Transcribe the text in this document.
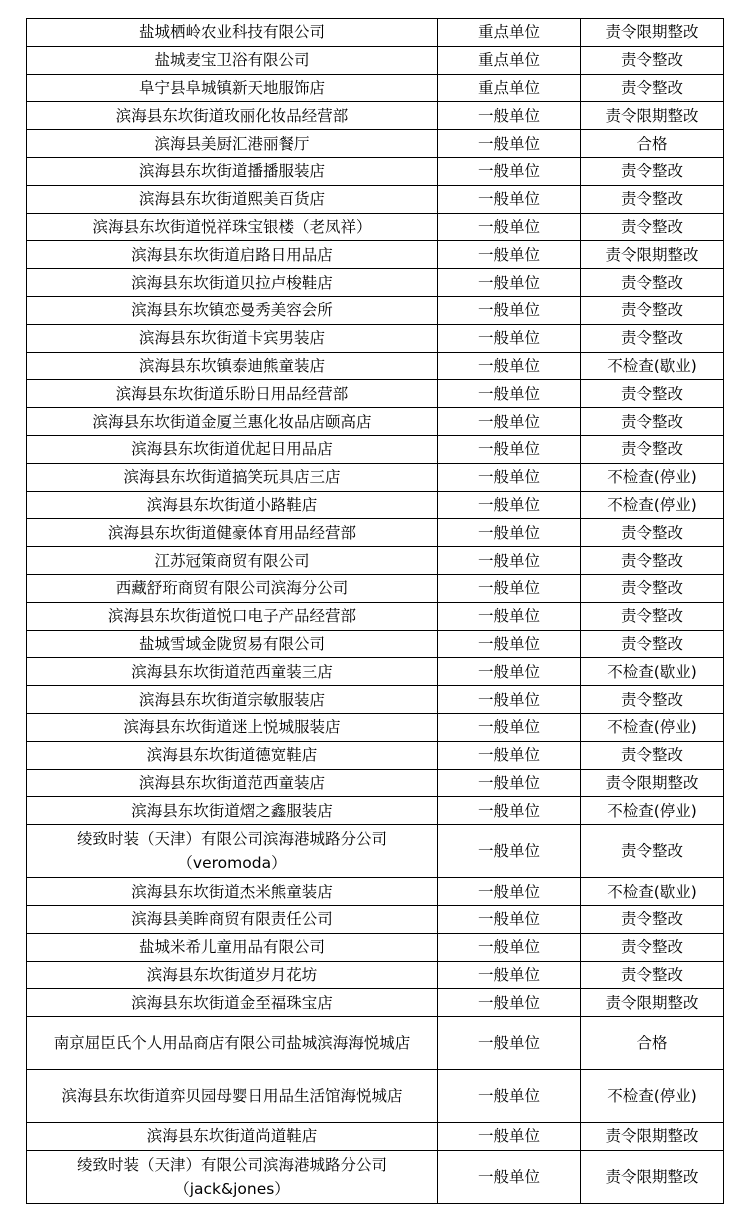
盐城栖岭农业科技有限公司	重点单位	责令限期整改
盐城麦宝卫浴有限公司	重点单位	责令整改
阜宁县阜城镇新天地服饰店	重点单位	责令整改
滨海县东坎街道玫丽化妆品经营部	一般单位	责令限期整改
滨海县美厨汇港丽餐厅	一般单位	合格
滨海县东坎街道播播服装店	一般单位	责令整改
滨海县东坎街道熙美百货店	一般单位	责令整改
滨海县东坎街道悦祥珠宝银楼（老凤祥）	一般单位	责令整改
滨海县东坎街道启路日用品店	一般单位	责令限期整改
滨海县东坎街道贝拉卢梭鞋店	一般单位	责令整改
滨海县东坎镇恋曼秀美容会所	一般单位	责令整改
滨海县东坎街道卡宾男装店	一般单位	责令整改
滨海县东坎镇泰迪熊童装店	一般单位	不检查(歇业)
滨海县东坎街道乐盼日用品经营部	一般单位	责令整改
滨海县东坎街道金厦兰惠化妆品店颐高店	一般单位	责令整改
滨海县东坎街道优起日用品店	一般单位	责令整改
滨海县东坎街道搞笑玩具店三店	一般单位	不检查(停业)
滨海县东坎街道小路鞋店	一般单位	不检查(停业)
滨海县东坎街道健豪体育用品经营部	一般单位	责令整改
江苏冠策商贸有限公司	一般单位	责令整改
西藏舒珩商贸有限公司滨海分公司	一般单位	责令整改
滨海县东坎街道悦口电子产品经营部	一般单位	责令整改
盐城雪域金陇贸易有限公司	一般单位	责令整改
滨海县东坎街道范西童装三店	一般单位	不检查(歇业)
滨海县东坎街道宗敏服装店	一般单位	责令整改
滨海县东坎街道迷上悦城服装店	一般单位	不检查(停业)
滨海县东坎街道德宽鞋店	一般单位	责令整改
滨海县东坎街道范西童装店	一般单位	责令限期整改
滨海县东坎街道熠之鑫服装店	一般单位	不检查(停业)
绫致时装（天津）有限公司滨海港城路分公司（veromoda）	一般单位	责令整改
滨海县东坎街道杰米熊童装店	一般单位	不检查(歇业)
滨海县美眸商贸有限责任公司	一般单位	责令整改
盐城米希儿童用品有限公司	一般单位	责令整改
滨海县东坎街道岁月花坊	一般单位	责令整改
滨海县东坎街道金至福珠宝店	一般单位	责令限期整改
南京屈臣氏个人用品商店有限公司盐城滨海海悦城店	一般单位	合格
滨海县东坎街道弈贝园母婴日用品生活馆海悦城店	一般单位	不检查(停业)
滨海县东坎街道尚道鞋店	一般单位	责令限期整改
绫致时装（天津）有限公司滨海港城路分公司（jack&jones）	一般单位	责令限期整改
